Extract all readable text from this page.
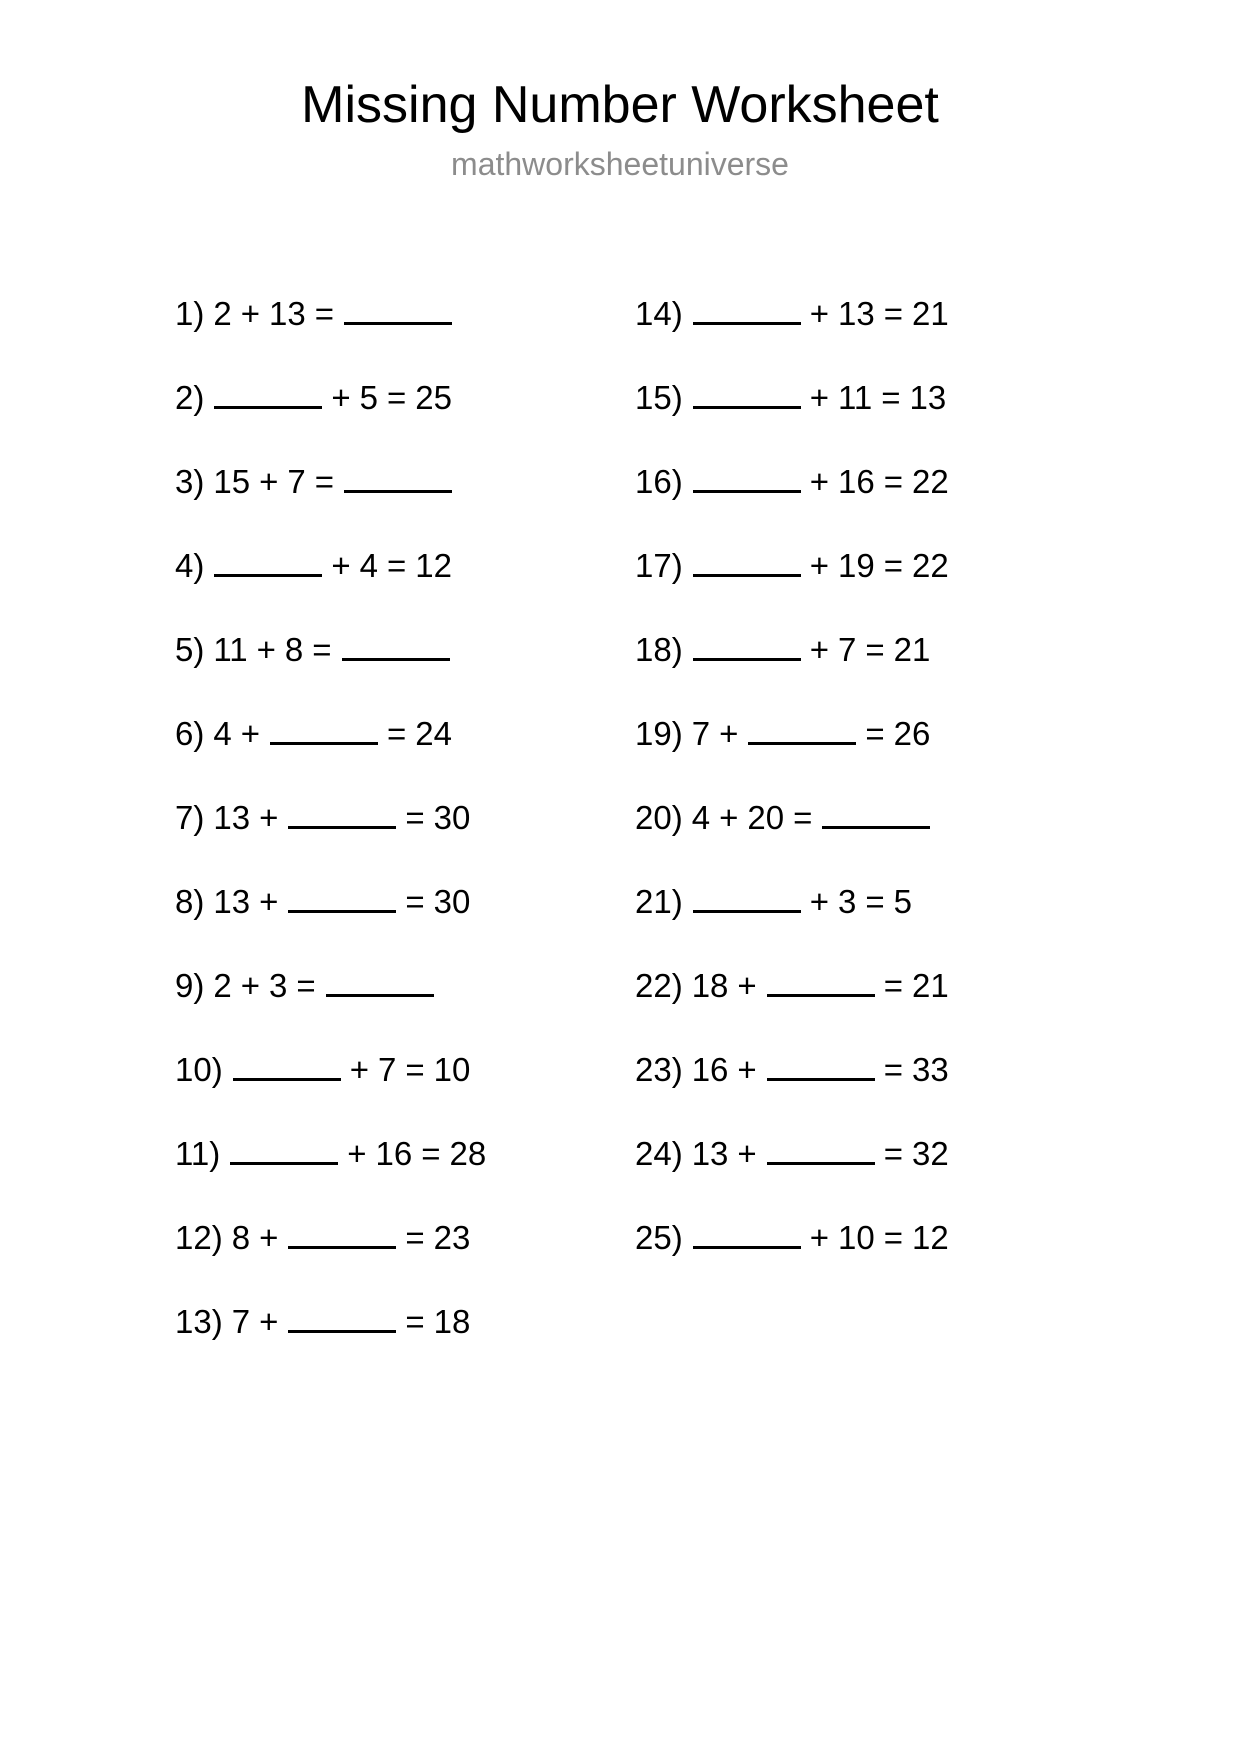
Missing Number Worksheet
mathworksheetuniverse
1) 2 + 13 =
2)	+ 5 = 25
3) 15 + 7 =
4)	+ 4 = 12
5) 11 + 8 =
6) 4 +	= 24
7) 13 +	= 30
8) 13 +	= 30
9) 2 + 3 =
10)	+ 7 = 10
11)	+ 16 = 28
12) 8 +	= 23
13) 7 +	= 18
14)	+ 13 = 21
15)	+ 11 = 13
16)	+ 16 = 22
17)	+ 19 = 22
18)	+ 7 = 21
19) 7 +	= 26
20) 4 + 20 =
21)	+ 3 = 5
22) 18 +	= 21
23) 16 +	= 33
24) 13 +	= 32
25)	+ 10 = 12
